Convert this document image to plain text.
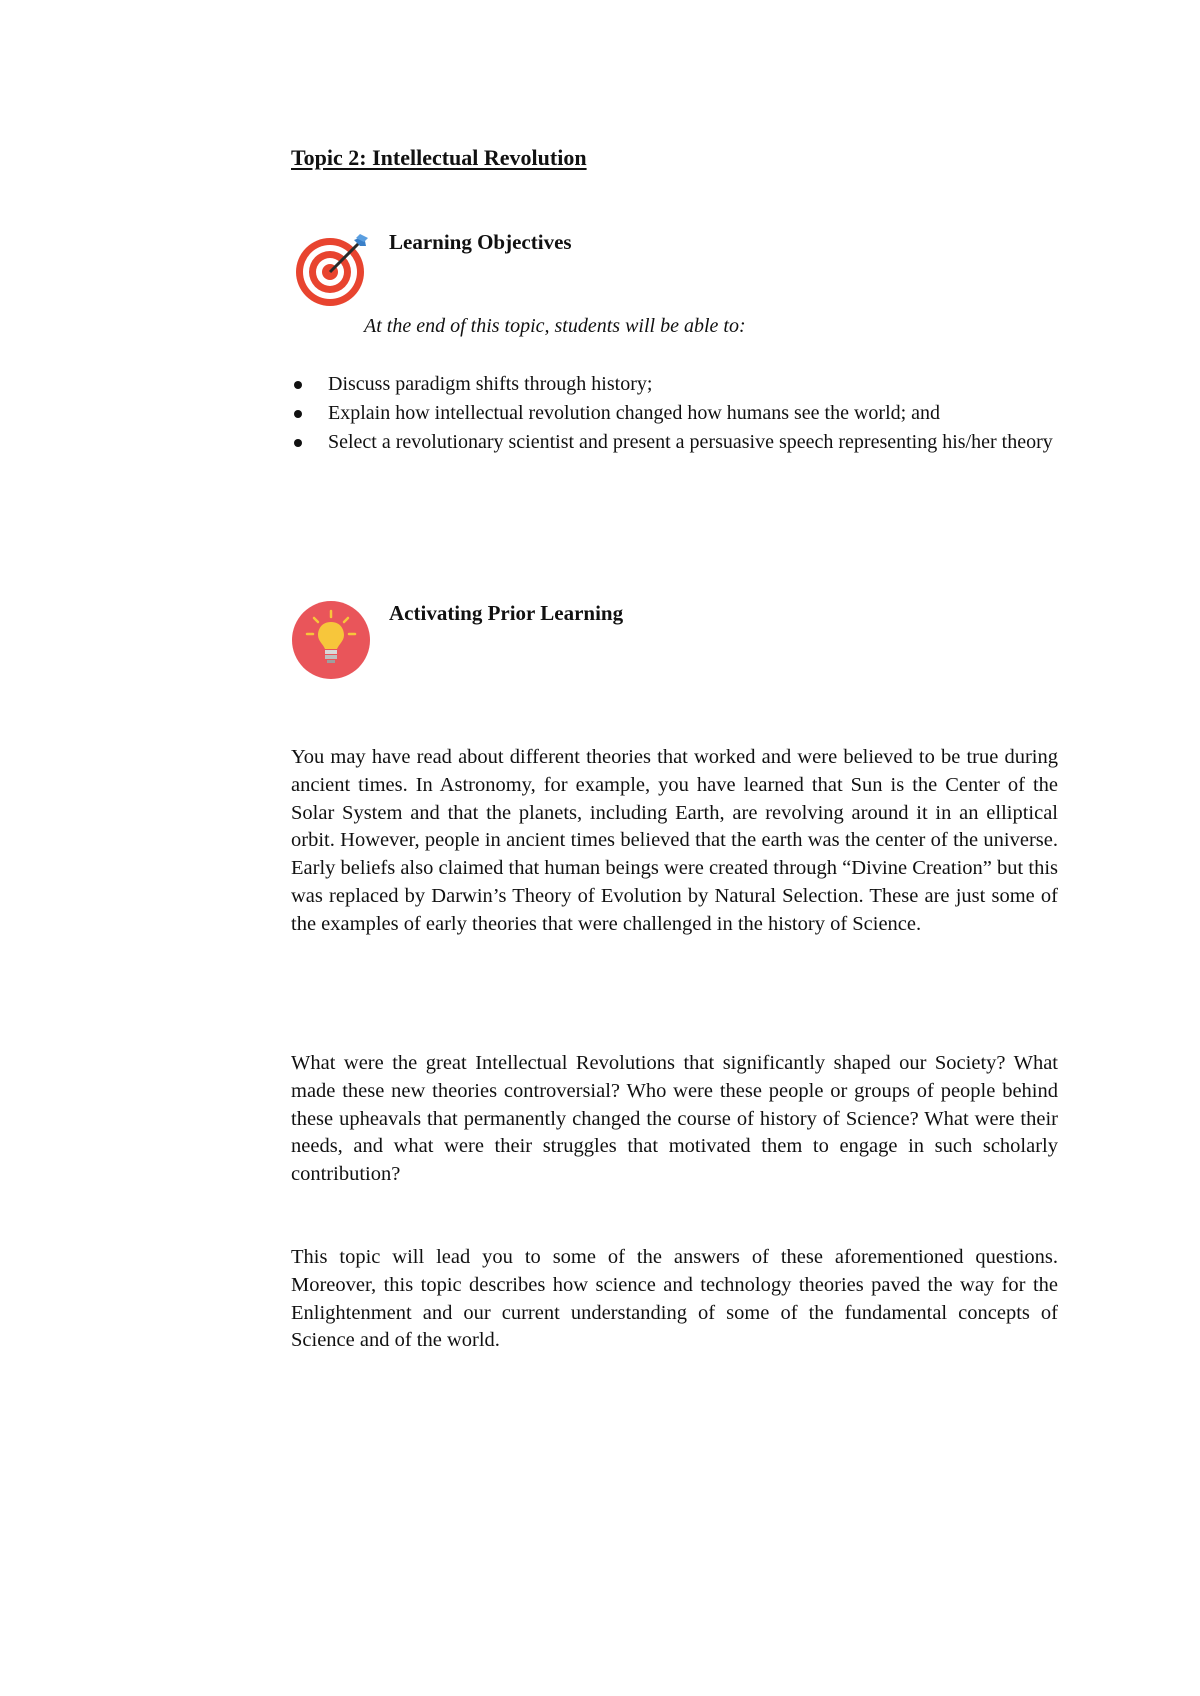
Topic 2: Intellectual Revolution
Learning Objectives
At the end of this topic, students will be able to:
Discuss paradigm shifts through history;
Explain how intellectual revolution changed how humans see the world; and
Select a revolutionary scientist and present a persuasive speech representing his/her theory
Activating Prior Learning

You may have read about different theories that worked and were believed to be true during ancient times. In Astronomy, for example, you have learned that Sun is the Center of the Solar System and that the planets, including Earth, are revolving around it in an elliptical orbit. However, people in ancient times believed that the earth was the center of the universe. Early beliefs also claimed that human beings were created through “Divine Creation” but this was replaced by Darwin’s Theory of Evolution by Natural Selection. These are just some of the examples of early theories that were challenged in the history of Science.

What were the great Intellectual Revolutions that significantly shaped our Society? What made these new theories controversial? Who were these people or groups of people behind these upheavals that permanently changed the course of history of Science? What were their needs, and what were their struggles that motivated them to engage in such scholarly contribution?

This topic will lead you to some of the answers of these aforementioned questions. Moreover, this topic describes how science and technology theories paved the way for the Enlightenment and our current understanding of some of the fundamental concepts of Science and of the world.
